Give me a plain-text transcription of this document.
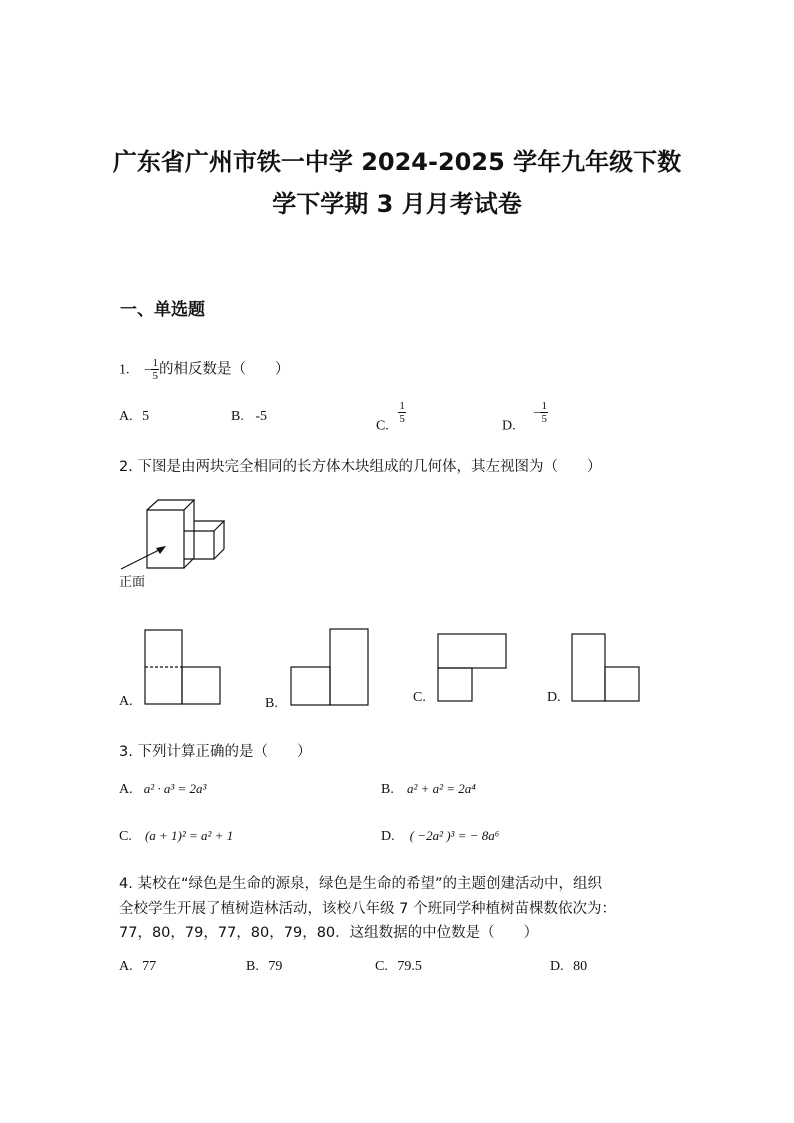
广东省广州市铁一中学 2024-2025 学年九年级下数
学下学期 3 月月考试卷
一、单选题
1. − $\frac{1}{5}$ 的相反数是（　　）
A. 5	B. -5
C.
$\frac{1}{5}$
D. − $\frac{1}{5}$
2. 下图是由两块完全相同的长方体木块组成的几何体，其左视图为（　　）
正面
A.	B.	C.	D.
3. 下列计算正确的是（　　）
A. a² · a³ = 2a³	B. a² + a² = 2a⁴
C. (a + 1)² = a² + 1	D. ( −2a² )³ = − 8a⁶
4. 某校在“绿色是生命的源泉，绿色是生命的希望”的主题创建活动中，组织
全校学生开展了植树造林活动，该校八年级 7 个班同学种植树苗棵数依次为：
77，80，79，77，80，79，80．这组数据的中位数是（　　）
A. 77	B. 79	C. 79.5	D. 80
